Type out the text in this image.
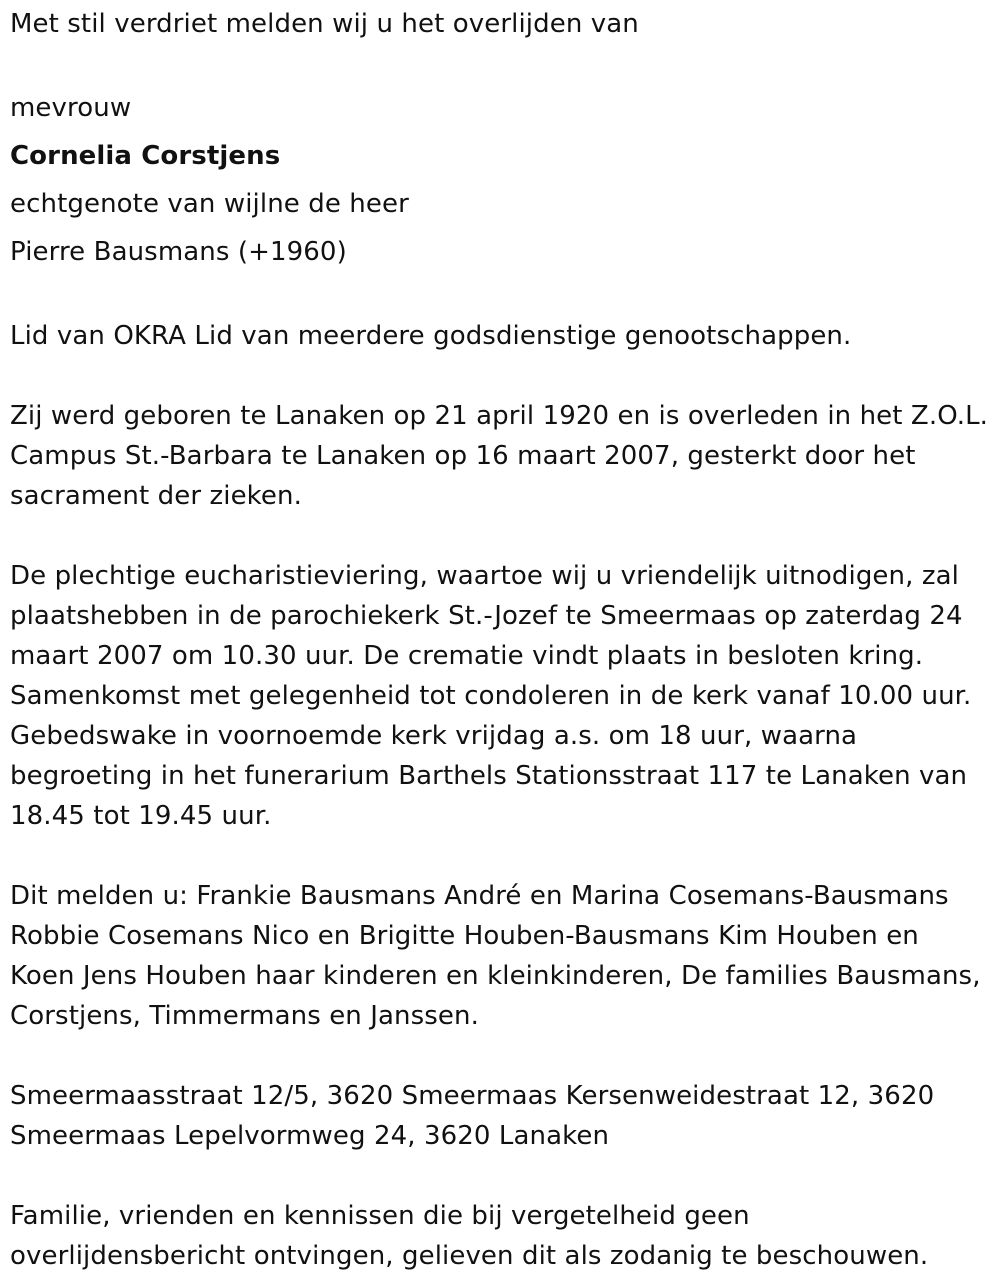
Met stil verdriet melden wij u het overlijden van

mevrouw

Cornelia Corstjens

echtgenote van wijlne de heer

Pierre Bausmans (+1960)

Lid van OKRA Lid van meerdere godsdienstige genootschappen.

Zij werd geboren te Lanaken op 21 april 1920 en is overleden in het Z.O.L. Campus St.-Barbara te Lanaken op 16 maart 2007, gesterkt door het sacrament der zieken.

De plechtige eucharistieviering, waartoe wij u vriendelijk uitnodigen, zal plaatshebben in de parochiekerk St.-Jozef te Smeermaas op zaterdag 24 maart 2007 om 10.30 uur. De crematie vindt plaats in besloten kring. Samenkomst met gelegenheid tot condoleren in de kerk vanaf 10.00 uur. Gebedswake in voornoemde kerk vrijdag a.s. om 18 uur, waarna begroeting in het funerarium Barthels Stationsstraat 117 te Lanaken van 18.45 tot 19.45 uur.

Dit melden u: Frankie Bausmans André en Marina Cosemans-Bausmans Robbie Cosemans Nico en Brigitte Houben-Bausmans Kim Houben en Koen Jens Houben haar kinderen en kleinkinderen, De families Bausmans, Corstjens, Timmermans en Janssen.

Smeermaasstraat 12/5, 3620 Smeermaas Kersenweidestraat 12, 3620 Smeermaas Lepelvormweg 24, 3620 Lanaken

Familie, vrienden en kennissen die bij vergetelheid geen overlijdensbericht ontvingen, gelieven dit als zodanig te beschouwen.
